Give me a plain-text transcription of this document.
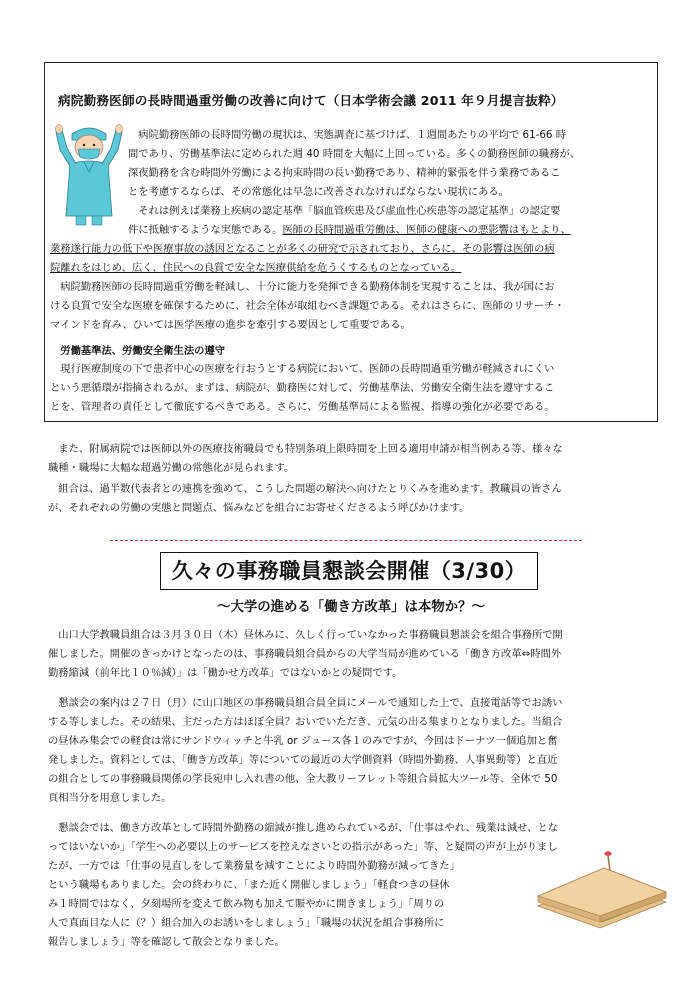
病院勤務医師の長時間過重労働の改善に向けて（日本学術会議 2011 年９月提言抜粋）
　病院勤務医師の長時間労働の現状は、実態調査に基づけば、１週間あたりの平均で 61-66 時
間であり、労働基準法に定められた週 40 時間を大幅に上回っている。多くの勤務医師の職務が、
深夜勤務を含む時間外労働による拘束時間の長い勤務であり、精神的緊張を伴う業務であるこ
とを考慮するならば、その常態化は早急に改善されなければならない現状にある。
　それは例えば業務上疾病の認定基準「脳血管疾患及び虚血性心疾患等の認定基準」の認定要
件に抵触するような実態である。医師の長時間過重労働は、医師の健康への悪影響はもとより、
業務遂行能力の低下や医療事故の誘因となることが多くの研究で示されており、さらに、その影響は医師の病
院離れをはじめ、広く、住民への良質で安全な医療供給を危うくするものとなっている。
　病院勤務医師の長時間過重労働を軽減し、十分に能力を発揮できる勤務体制を実現することは、我が国にお
ける良質で安全な医療を確保するために、社会全体が取組むべき課題である。それはさらに、医師のリサーチ・
マインドを育み、ひいては医学医療の進歩を牽引する要因として重要である。
　労働基準法、労働安全衛生法の遵守
　現行医療制度の下で患者中心の医療を行おうとする病院において、医師の長時間過重労働が軽減されにくい
という悪循環が指摘されるが、まずは、病院が、勤務医に対して、労働基準法、労働安全衛生法を遵守するこ
とを、管理者の責任として徹底するべきである。さらに、労働基準局による監視、指導の強化が必要である。
　また、附属病院では医師以外の医療技術職員でも特別条項上限時間を上回る適用申請が相当例ある等、様々な
職種・職場に大幅な超過労働の常態化が見られます。
　組合は、過半数代表者との連携を強めて、こうした問題の解決へ向けたとりくみを進めます。教職員の皆さん
が、それぞれの労働の実態と問題点、悩みなどを組合にお寄せくださるよう呼びかけます。
久々の事務職員懇談会開催（3/30）
～大学の進める「働き方改革」は本物か？～
　山口大学教職員組合は３月３０日（木）昼休みに、久しく行っていなかった事務職員懇談会を組合事務所で開
催しました。開催のきっかけとなったのは、事務職員組合員からの大学当局が進めている「働き方改革⇔時間外
勤務縮減（前年比１０％減）」は「働かせ方改革」ではないかとの疑問です。
　懇談会の案内は２７日（月）に山口地区の事務職員組合員全員にメールで通知した上で、直接電話等でお誘い
する等しました。その結果、主だった方はほぼ全員？おいでいただき、元気の出る集まりとなりました。当組合
の昼休み集会での軽食は常にサンドウィッチと牛乳 or ジュース各１のみですが、今回はドーナツ一個追加と奮
発しました。資料としては、「働き方改革」等についての最近の大学側資料（時間外勤務、人事異動等）と直近
の組合としての事務職員関係の学長宛申し入れ書の他、全大教リーフレット等組合員拡大ツール等、全体で 50
頁相当分を用意しました。
　懇談会では、働き方改革として時間外勤務の縮減が推し進められているが、「仕事はやれ、残業は減せ、とな
ってはいないか」「学生への必要以上のサービスを控えなさいとの指示があった」等、と疑問の声が上がりまし
たが、一方では「仕事の見直しをして業務量を減すことにより時間外勤務が減ってきた」
という職場もありました。会の終わりに、「また近く開催しましょう」「軽食つきの昼休
み１時間ではなく、夕刻場所を変えて飲み物も加えて賑やかに開きましょう」「周りの
人で真面目な人に（？）組合加入のお誘いをしましょう」「職場の状況を組合事務所に
報告しましょう」等を確認して散会となりました。
